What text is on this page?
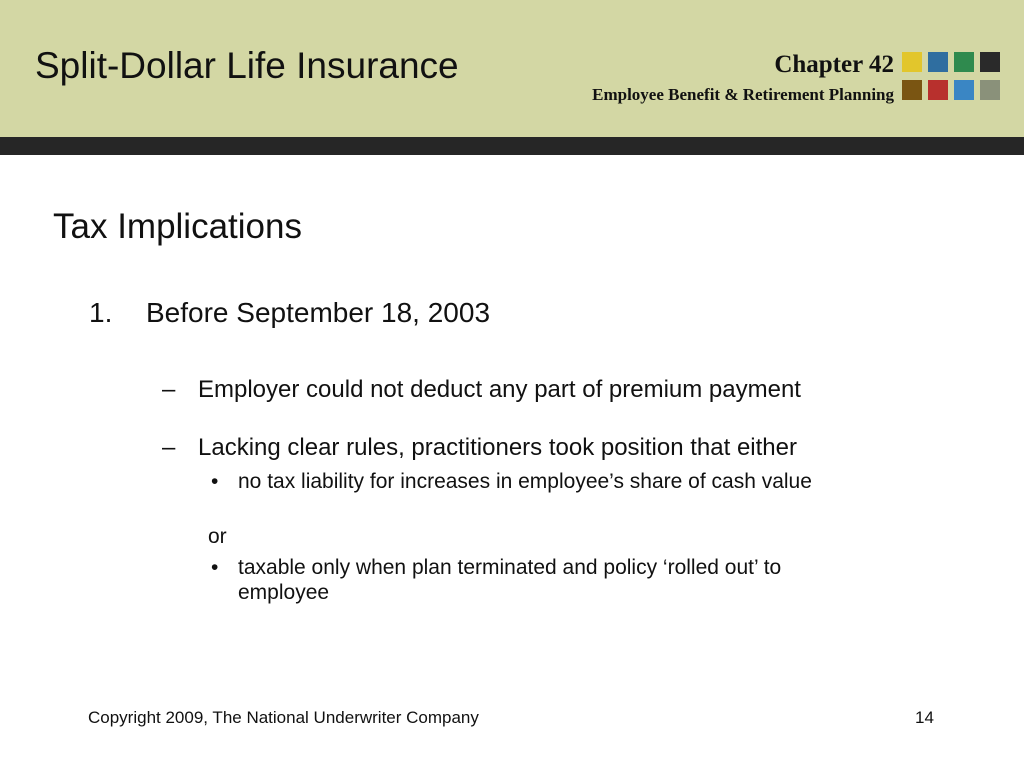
Split-Dollar Life Insurance	Chapter 42
Employee Benefit & Retirement Planning
Tax Implications
1. Before September 18, 2003
– Employer could not deduct any part of premium payment
– Lacking clear rules, practitioners took position that either
• no tax liability for increases in employee’s share of cash value
or
• taxable only when plan terminated and policy ‘rolled out’ to employee
Copyright 2009, The National Underwriter Company	14
